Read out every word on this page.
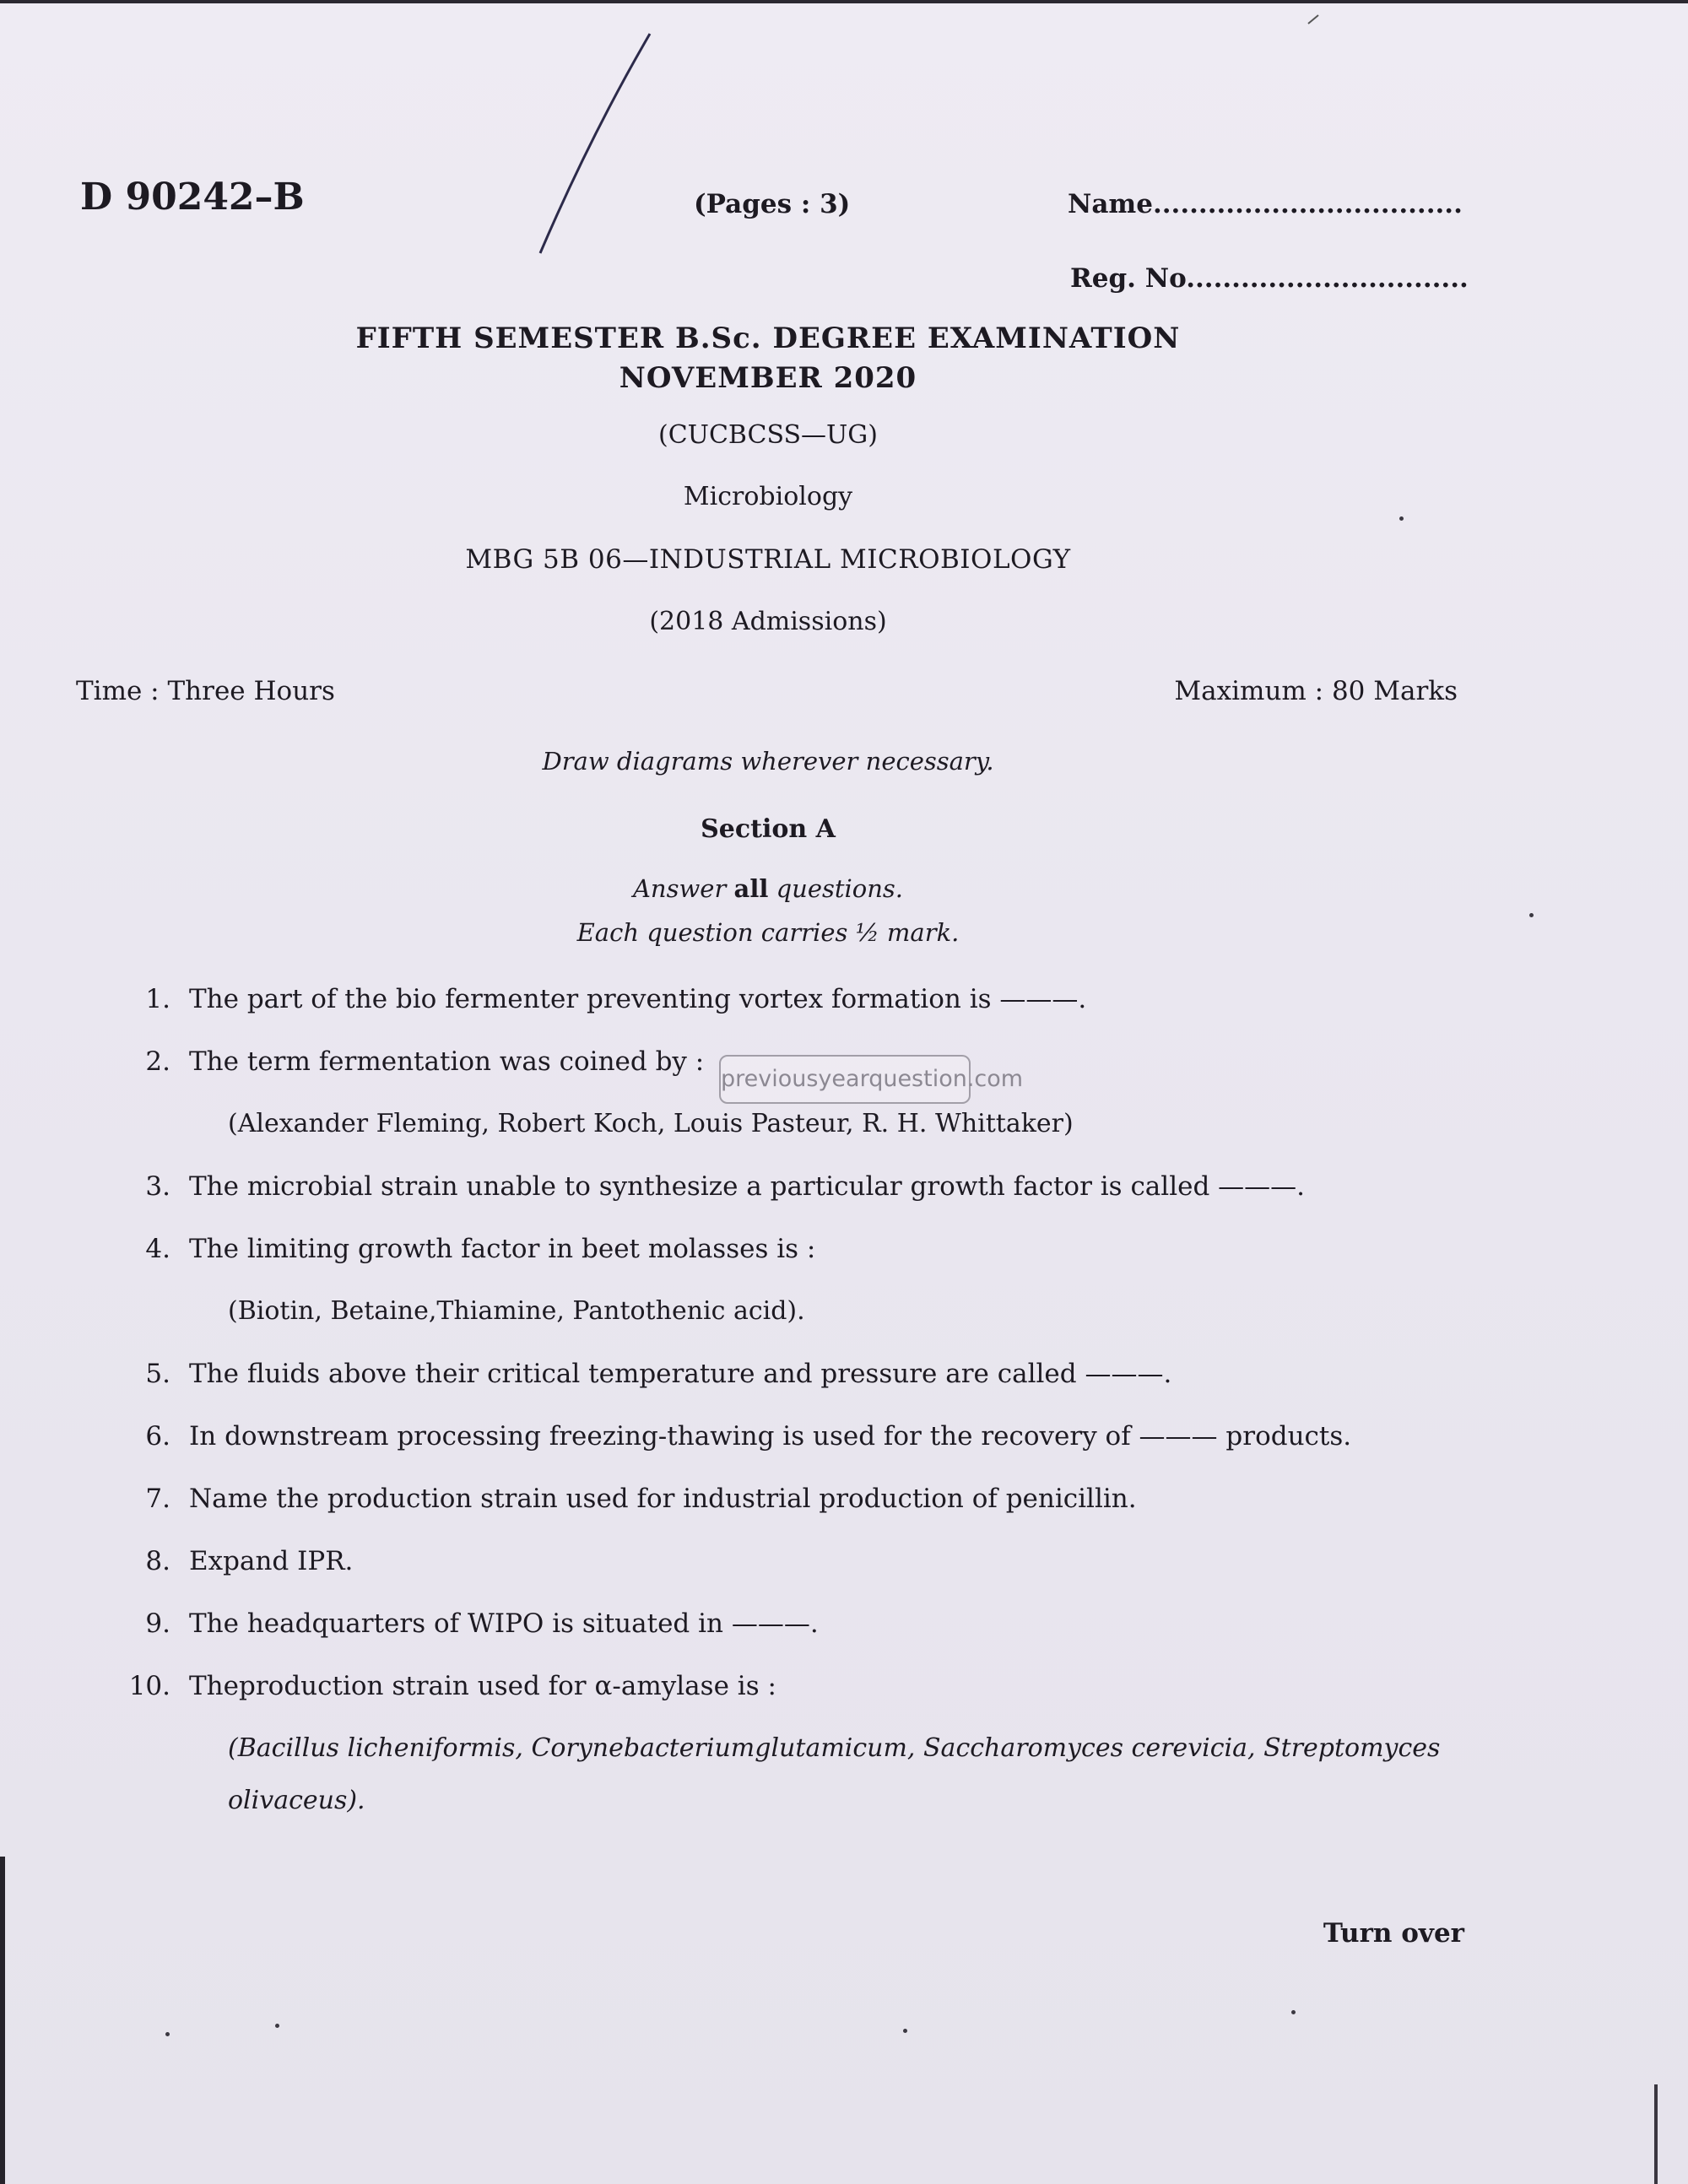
D 90242–B	(Pages : 3)	Name..................................
Reg. No...............................
FIFTH SEMESTER B.Sc. DEGREE EXAMINATION
NOVEMBER 2020
(CUCBCSS—UG)
Microbiology
MBG 5B 06—INDUSTRIAL MICROBIOLOGY
(2018 Admissions)
Time : Three Hours	Maximum : 80 Marks
Draw diagrams wherever necessary.
Section A
Answer all questions.
Each question carries ½ mark.
1. The part of the bio fermenter preventing vortex formation is ———.
2. The term fermentation was coined by :
(Alexander Fleming, Robert Koch, Louis Pasteur, R. H. Whittaker)
previousyearquestion.com
3. The microbial strain unable to synthesize a particular growth factor is called ———.
4. The limiting growth factor in beet molasses is :
(Biotin, Betaine,Thiamine, Pantothenic acid).
5. The fluids above their critical temperature and pressure are called ———.
6. In downstream processing freezing-thawing is used for the recovery of ——— products.
7. Name the production strain used for industrial production of penicillin.
8. Expand IPR.
9. The headquarters of WIPO is situated in ———.
10. Theproduction strain used for α-amylase is :
(Bacillus licheniformis, Corynebacteriumglutamicum, Saccharomyces cerevicia, Streptomyces
olivaceus).
Turn over
